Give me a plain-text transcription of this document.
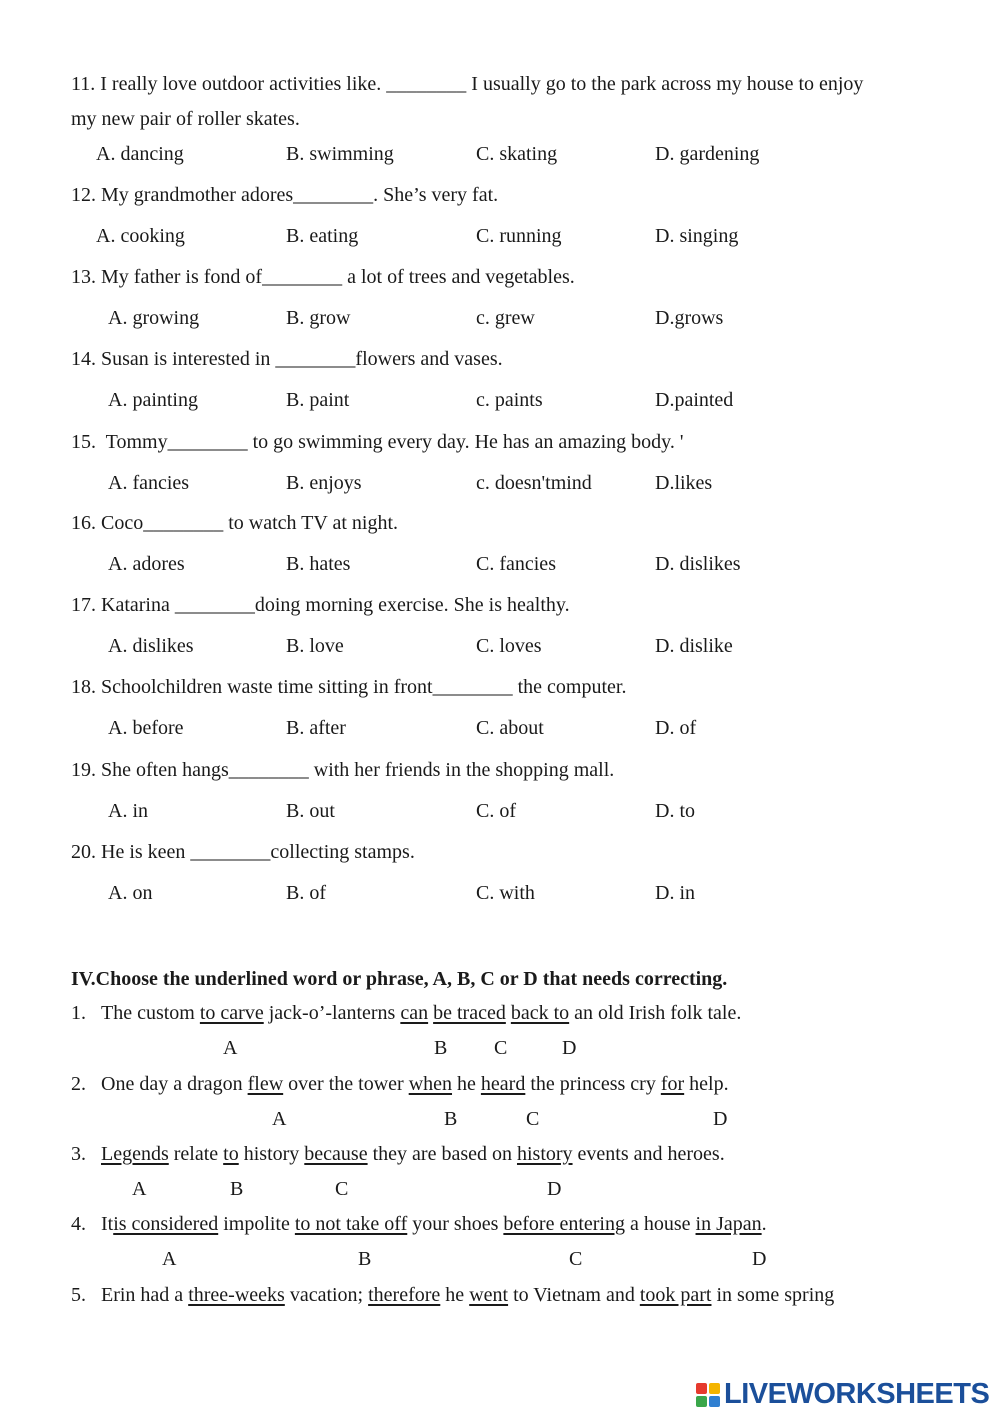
11. I really love outdoor activities like. ________ I usually go to the park across my house to enjoy
my new pair of roller skates.
A. dancing	B. swimming	C. skating	D. gardening
12. My grandmother adores________. She’s very fat.
A. cooking	B. eating	C. running	D. singing
13. My father is fond of________ a lot of trees and vegetables.
A. growing	B. grow	c. grew	D.grows
14. Susan is interested in ________flowers and vases.
A. painting	B. paint	c. paints	D.painted
15.  Tommy________ to go swimming every day. He has an amazing body. '
A. fancies	B. enjoys	c. doesn'tmind	D.likes
16. Coco________ to watch TV at night.
A. adores	B. hates	C. fancies	D. dislikes
17. Katarina ________doing morning exercise. She is healthy.
A. dislikes	B. love	C. loves	D. dislike
18. Schoolchildren waste time sitting in front________ the computer.
A. before	B. after	C. about	D. of
19. She often hangs________ with her friends in the shopping mall.
A. in	B. out	C. of	D. to
20. He is keen ________collecting stamps.
A. on	B. of	C. with	D. in
IV.Choose the underlined word or phrase, A, B, C or D that needs correcting.
1. The custom to carve jack-o’-lanterns can be traced back to an old Irish folk tale.
A	B C	D
2. One day a dragon flew over the tower when he heard the princess cry for help.
A	B	C	D
3. Legends relate to history because they are based on history events and heroes.
A	B	C	D
4. Itis considered impolite to not take off your shoes before entering a house in Japan.
A	B	C	D
5. Erin had a three-weeks vacation; therefore he went to Vietnam and took part in some spring
LIVEWORKSHEETS
